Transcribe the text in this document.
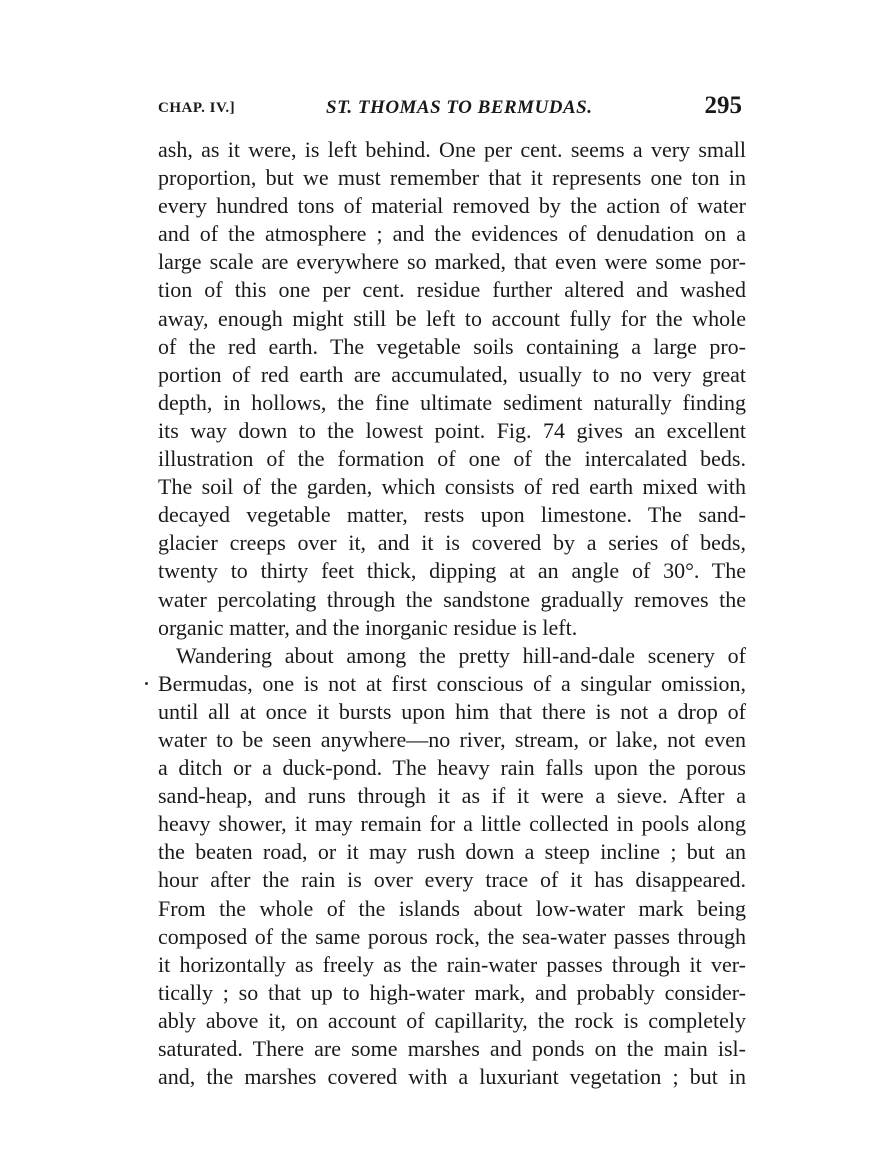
CHAP. IV.]	ST. THOMAS TO BERMUDAS.	295
ash, as it were, is left behind. One per cent. seems a very small
proportion, but we must remember that it represents one ton in
every hundred tons of material removed by the action of water
and of the atmosphere ; and the evidences of denudation on a
large scale are everywhere so marked, that even were some por-
tion of this one per cent. residue further altered and washed
away, enough might still be left to account fully for the whole
of the red earth. The vegetable soils containing a large pro-
portion of red earth are accumulated, usually to no very great
depth, in hollows, the fine ultimate sediment naturally finding
its way down to the lowest point. Fig. 74 gives an excellent
illustration of the formation of one of the intercalated beds.
The soil of the garden, which consists of red earth mixed with
decayed vegetable matter, rests upon limestone. The sand-
glacier creeps over it, and it is covered by a series of beds,
twenty to thirty feet thick, dipping at an angle of 30°. The
water percolating through the sandstone gradually removes the
organic matter, and the inorganic residue is left.
Wandering about among the pretty hill-and-dale scenery of
Bermudas, one is not at first conscious of a singular omission,
until all at once it bursts upon him that there is not a drop of
water to be seen anywhere—no river, stream, or lake, not even
a ditch or a duck-pond. The heavy rain falls upon the porous
sand-heap, and runs through it as if it were a sieve. After a
heavy shower, it may remain for a little collected in pools along
the beaten road, or it may rush down a steep incline ; but an
hour after the rain is over every trace of it has disappeared.
From the whole of the islands about low-water mark being
composed of the same porous rock, the sea-water passes through
it horizontally as freely as the rain-water passes through it ver-
tically ; so that up to high-water mark, and probably consider-
ably above it, on account of capillarity, the rock is completely
saturated. There are some marshes and ponds on the main isl-
and, the marshes covered with a luxuriant vegetation ; but in
